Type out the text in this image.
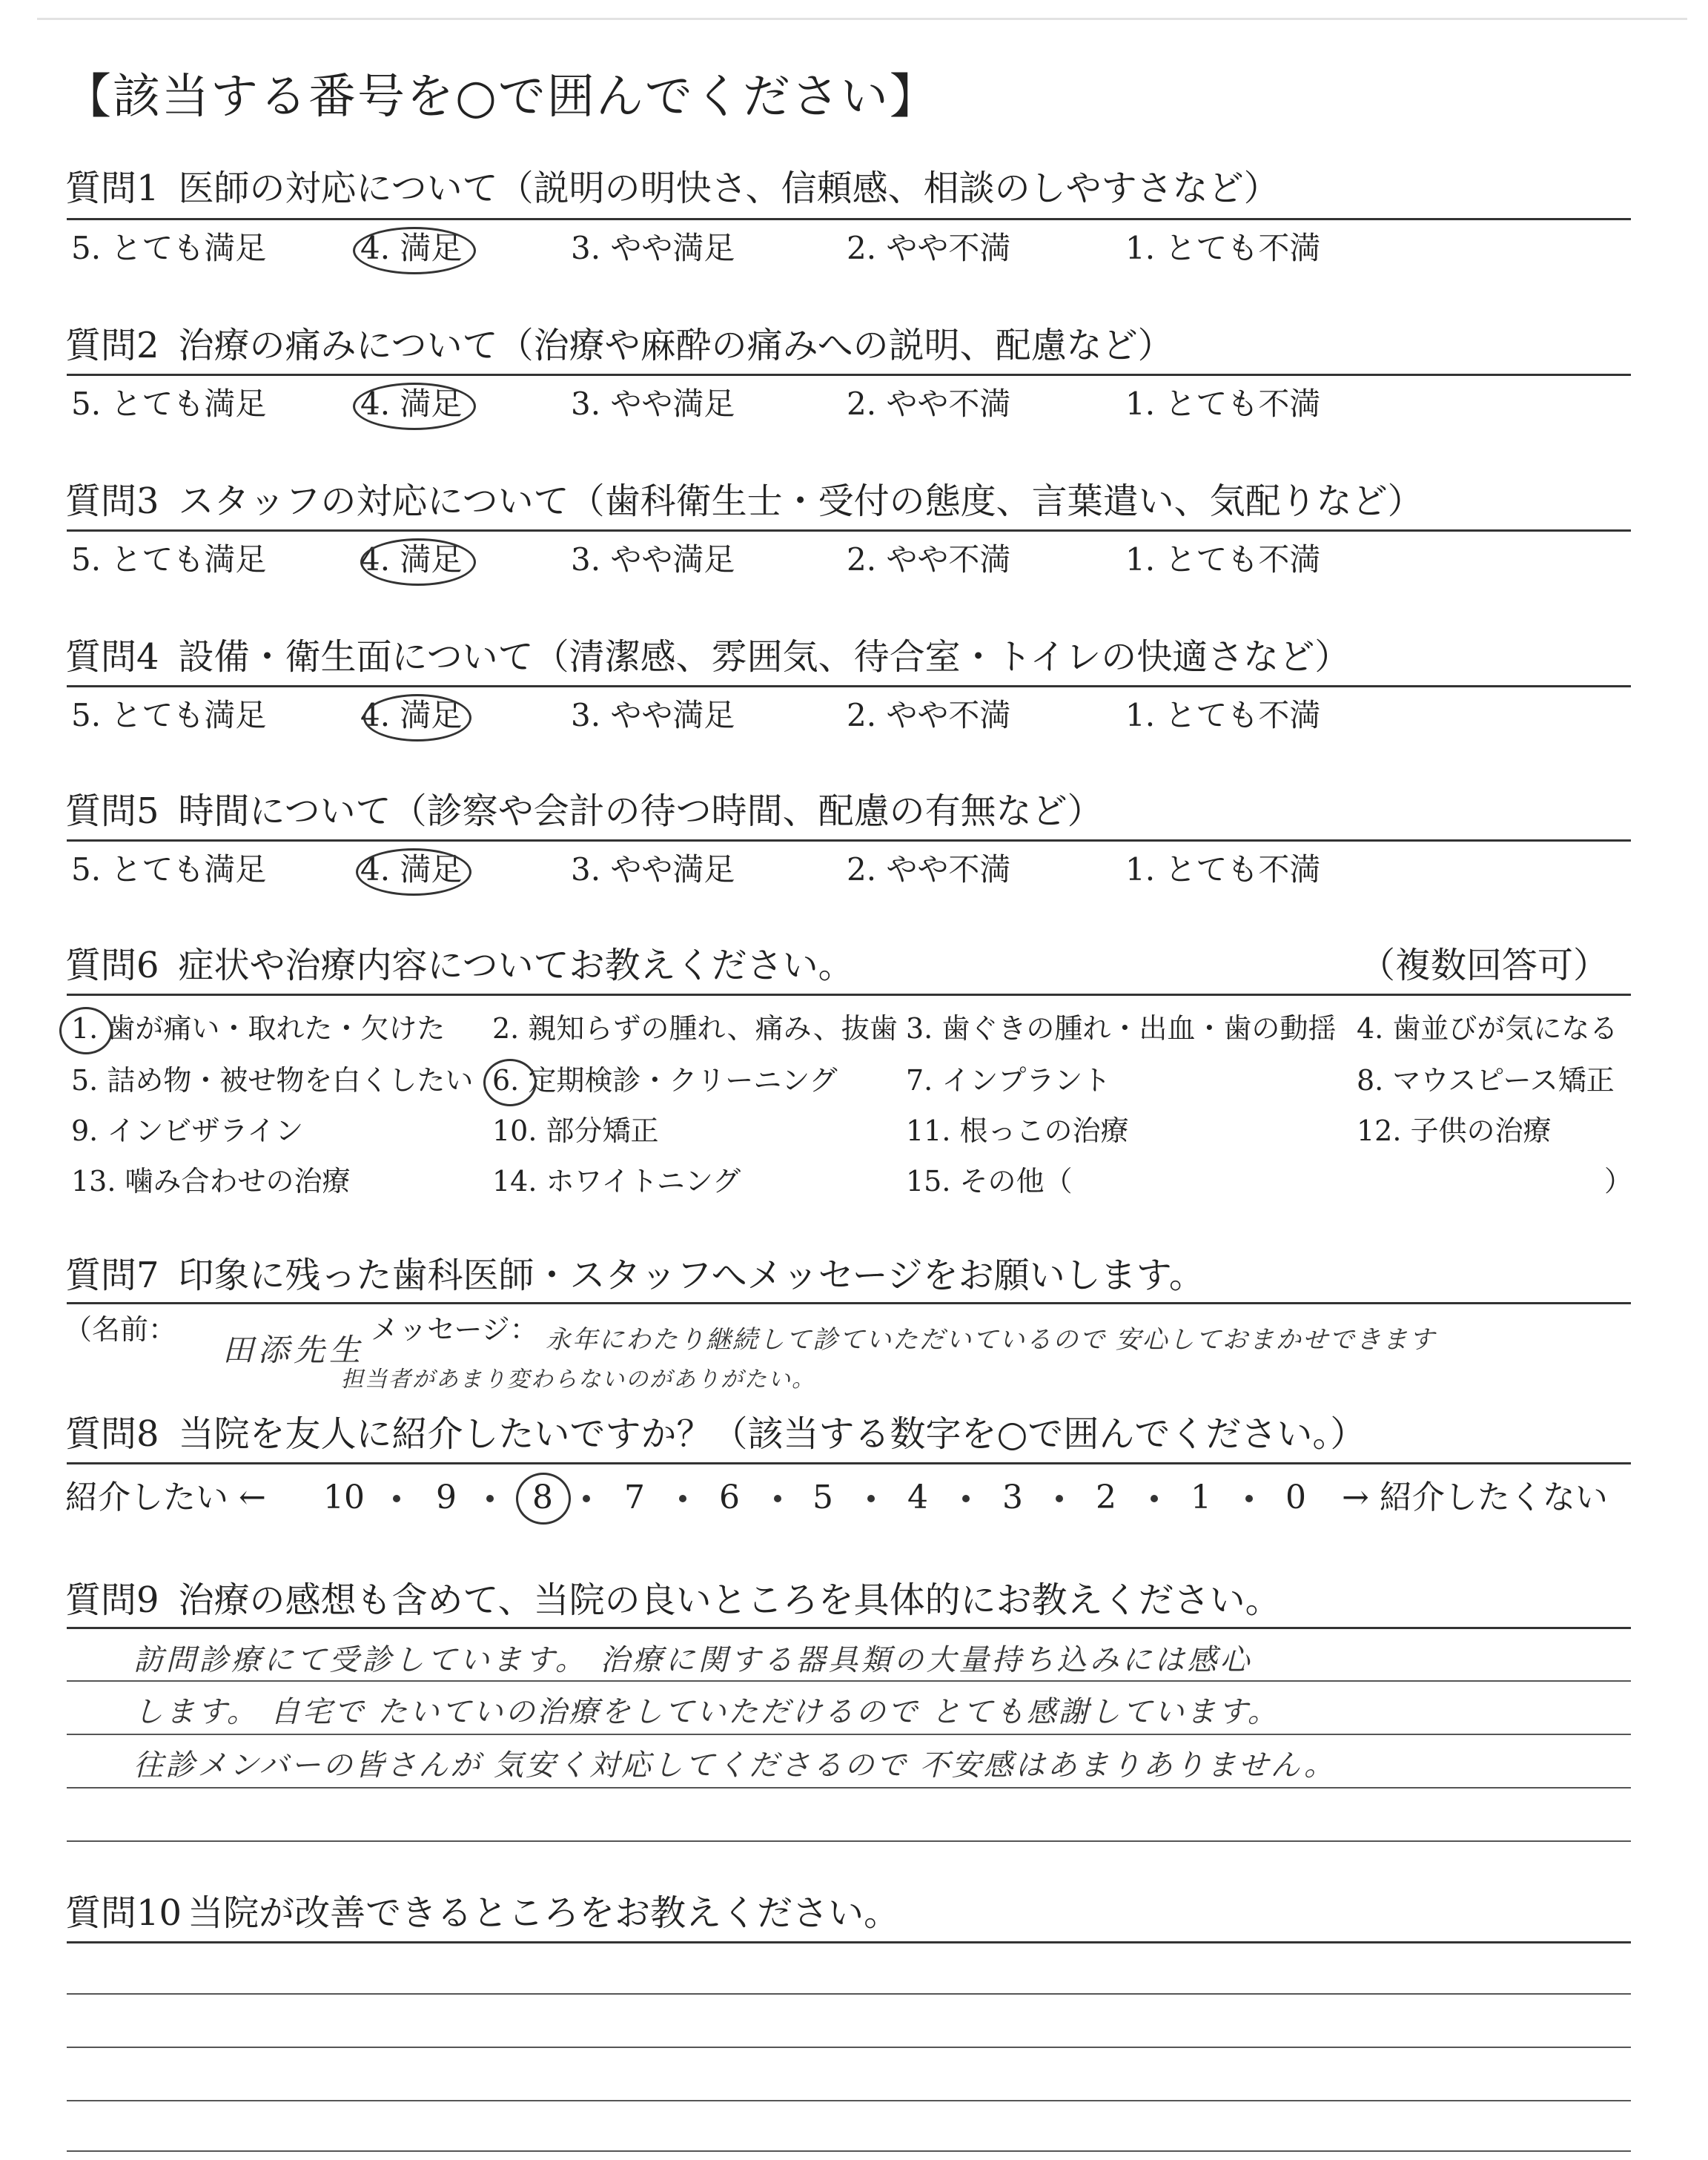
【該当する番号を○で囲んでください】
質問1 医師の対応について（説明の明快さ、信頼感、相談のしやすさなど）
5. とても満足	4. 満足	3. やや満足	2. やや不満	1. とても不満
質問2 治療の痛みについて（治療や麻酔の痛みへの説明、配慮など）
5. とても満足	4. 満足	3. やや満足	2. やや不満	1. とても不満
質問3 スタッフの対応について（歯科衛生士・受付の態度、言葉遣い、気配りなど）
5. とても満足	4. 満足	3. やや満足	2. やや不満	1. とても不満
質問4 設備・衛生面について（清潔感、雰囲気、待合室・トイレの快適さなど）
5. とても満足	4. 満足	3. やや満足	2. やや不満	1. とても不満
質問5 時間について（診察や会計の待つ時間、配慮の有無など）
5. とても満足	4. 満足	3. やや満足	2. やや不満	1. とても不満
質問6 症状や治療内容についてお教えください。	（複数回答可）
1. 歯が痛い・取れた・欠けた 2. 親知らずの腫れ、痛み、抜歯 3. 歯ぐきの腫れ・出血・歯の動揺 4. 歯並びが気になる
5. 詰め物・被せ物を白くしたい 6. 定期検診・クリーニング 7. インプラント	8. マウスピース矯正
9. インビザライン	10. 部分矯正	11. 根っこの治療	12. 子供の治療
13. 噛み合わせの治療	14. ホワイトニング	15. その他（	）
質問7 印象に残った歯科医師・スタッフへメッセージをお願いします。
（名前：
田添先生
メッセージ： 永年にわたり継続して診ていただいているので 安心しておまかせできます
担当者があまり変わらないのがありがたい。
質問8 当院を友人に紹介したいですか？（該当する数字を○で囲んでください。）
紹介したい ← 10 9 8 7 6 5 4 3 2 1 0 → 紹介したくない
質問9 治療の感想も含めて、当院の良いところを具体的にお教えください。
訪問診療にて受診しています。 治療に関する器具類の大量持ち込みには感心
します。 自宅で たいていの治療をしていただけるので とても感謝しています。
往診メンバーの皆さんが 気安く対応してくださるので 不安感はあまりありません。
質問10 当院が改善できるところをお教えください。
